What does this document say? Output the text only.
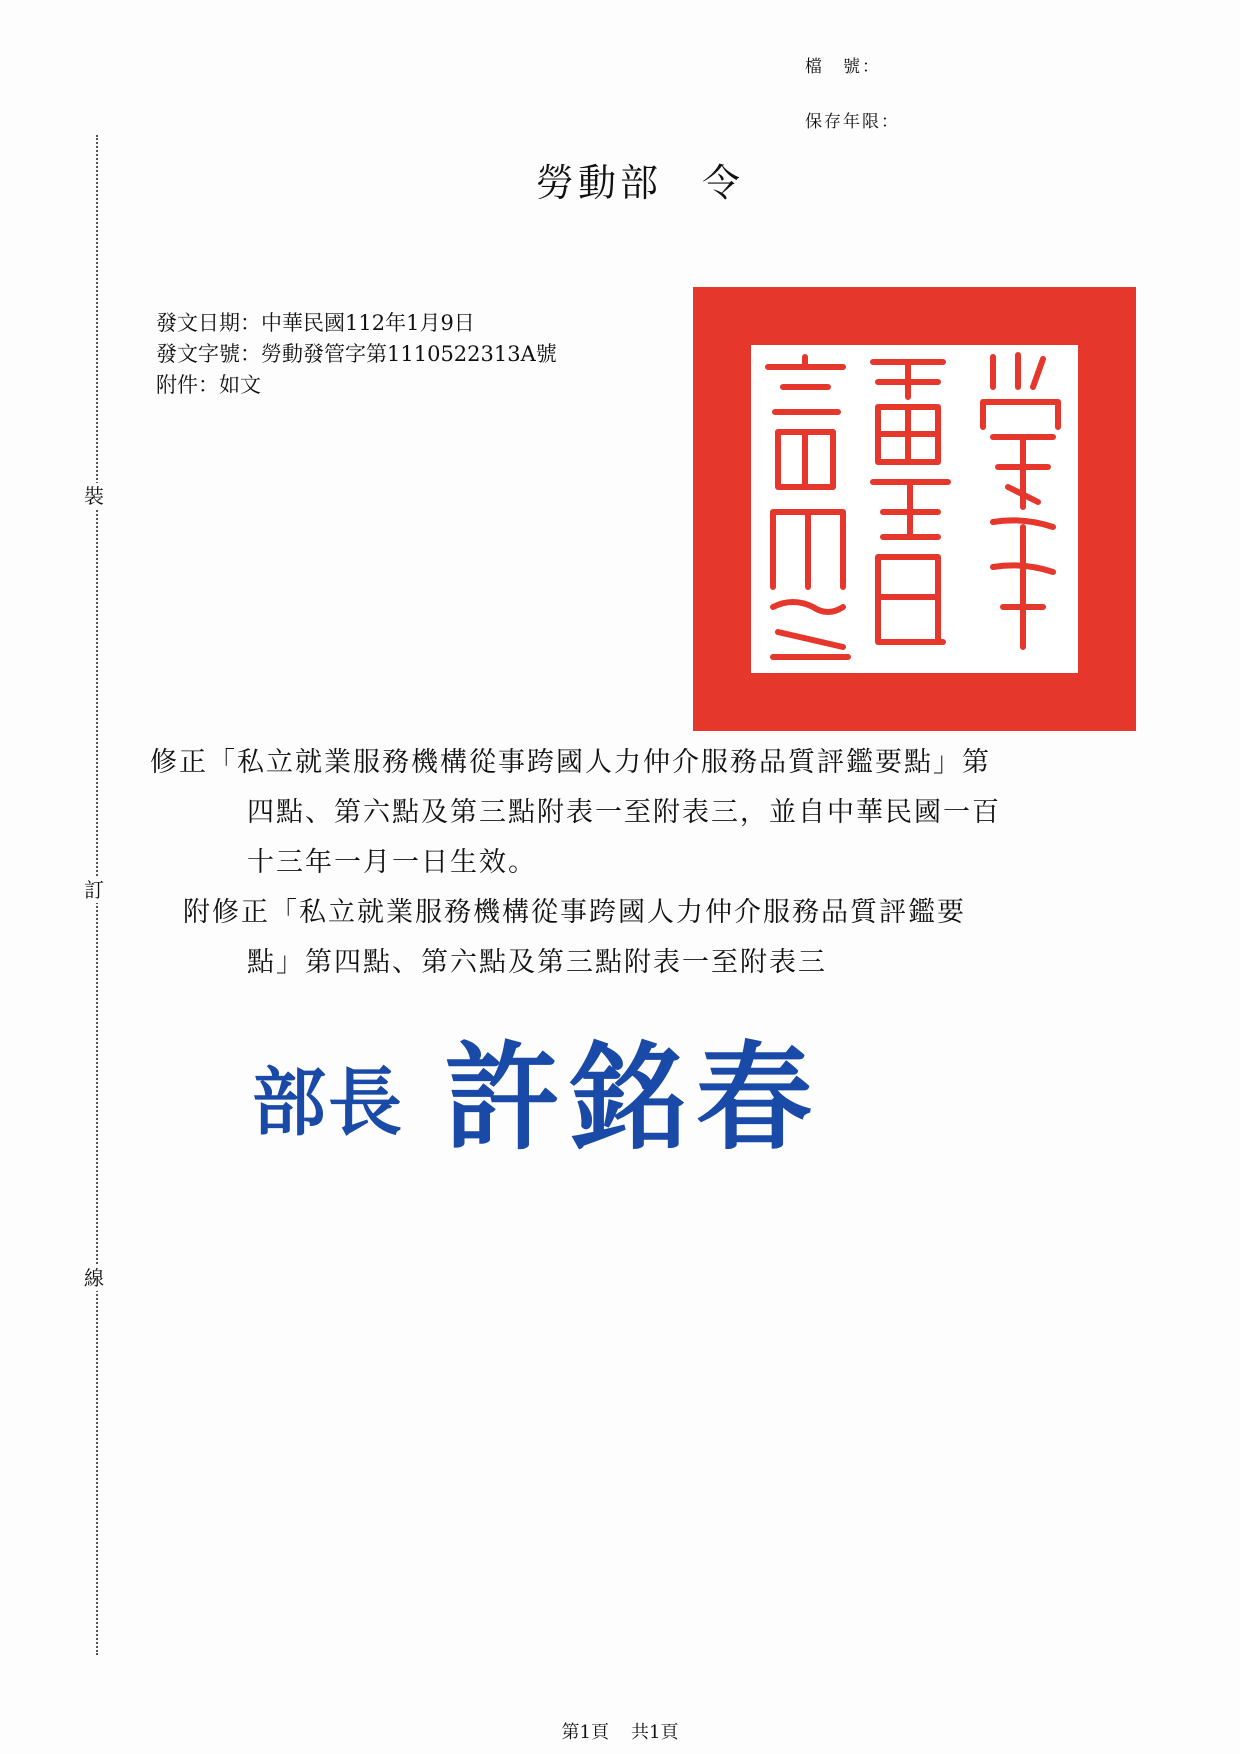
檔　號：
保存年限：
裝
訂
線
勞動部 令
發文日期：中華民國112年1月9日
發文字號：勞動發管字第1110522313A號
附件：如文
修正「私立就業服務機構從事跨國人力仲介服務品質評鑑要點」第
四點、第六點及第三點附表一至附表三，並自中華民國一百
十三年一月一日生效。
附修正「私立就業服務機構從事跨國人力仲介服務品質評鑑要
點」第四點、第六點及第三點附表一至附表三
部長 許銘春
第1頁 共1頁
